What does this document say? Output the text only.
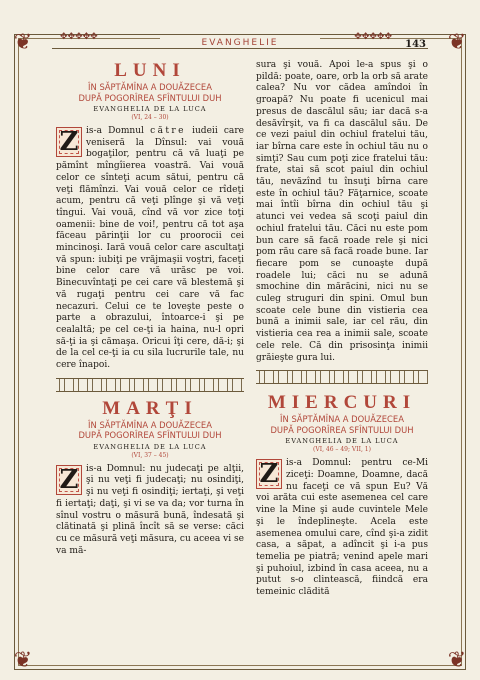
❦	❦
❦	❦
✥✥✥✥✥	✥✥✥✥✥
EVANGHELIE	143
LUNI

ÎN SĂPTĂMÎNA A DOUĂZECEA

DUPĂ POGORÎREA SFÎNTULUI DUH

EVANGHELIA DE LA LUCA

(VI, 24 – 30)

Z is-a Domnul către iudeii care veniseră la Dînsul: vai vouă bogaţilor, pentru că vă luaţi pe pămînt mîngîierea voastră. Vai vouă celor ce sînteţi acum sătui, pentru că veţi flămînzi. Vai vouă celor ce rîdeţi acum, pentru că veţi plînge şi vă veţi tîngui. Vai vouă, cînd vă vor zice toţi oamenii: bine de voi!, pentru că tot aşa făceau părinţii lor cu proorocii cei mincinoşi. Iară vouă celor care ascultaţi vă spun: iubiţi pe vrăjmaşii voştri, faceţi bine celor care vă urăsc pe voi. Binecuvîntaţi pe cei care vă blestemă şi vă rugaţi pentru cei care vă fac necazuri. Celui ce te loveşte peste o parte a obrazului, întoarce-i şi pe cealaltă; pe cel ce-ţi ia haina, nu-l opri să-ţi ia şi cămaşa. Oricui îţi cere, dă-i; şi de la cel ce-ţi ia cu sila lucrurile tale, nu cere înapoi.

MARŢI

ÎN SĂPTĂMÎNA A DOUĂZECEA

DUPĂ POGORÎREA SFÎNTULUI DUH

EVANGHELIA DE LA LUCA

(VI, 37 – 45)

Z is-a Domnul: nu judecaţi pe alţii, şi nu veţi fi judecaţi; nu osindiţi, şi nu veţi fi osindiţi; iertaţi, şi veţi fi iertaţi; daţi, şi vi se va da; vor turna în sînul vostru o măsură bună, îndesată şi clătinată şi plină încît să se verse: căci cu ce măsură veţi măsura, cu aceea vi se va mă-

sura şi vouă. Apoi le-a spus şi o pildă: poate, oare, orb la orb să arate calea? Nu vor cădea amîndoi în groapă? Nu poate fi ucenicul mai presus de dascălul său; iar dacă s-a desăvîrşit, va fi ca dascălul său. De ce vezi paiul din ochiul fratelui tău, iar bîrna care este în ochiul tău nu o simţi? Sau cum poţi zice fratelui tău: frate, stai să scot paiul din ochiul tău, nevăzînd tu însuţi bîrna care este în ochiul tău? Făţarnice, scoate mai întîi bîrna din ochiul tău şi atunci vei vedea să scoţi paiul din ochiul fratelui tău. Căci nu este pom bun care să facă roade rele şi nici pom rău care să facă roade bune. Iar fiecare pom se cunoaşte după roadele lui; căci nu se adună smochine din mărăcini, nici nu se culeg struguri din spini. Omul bun scoate cele bune din vistieria cea bună a inimii sale, iar cel rău, din vistieria cea rea a inimii sale, scoate cele rele. Că din prisosinţa inimii grăieşte gura lui.

MIERCURI

ÎN SĂPTĂMÎNA A DOUĂZECEA

DUPĂ POGORÎREA SFÎNTULUI DUH

EVANGHELIA DE LA LUCA

(VI, 46 – 49; VII, 1)

Z is-a Domnul: pentru ce-Mi ziceţi: Doamne, Doamne, dacă nu faceţi ce vă spun Eu? Vă voi arăta cui este asemenea cel care vine la Mine şi aude cuvintele Mele şi le îndeplineşte. Acela este asemenea omului care, cînd şi-a zidit casa, a săpat, a adîncit şi i-a pus temelia pe piatră; venind apele mari şi puhoiul, izbind în casa aceea, nu a putut s-o clintească, fiindcă era temeinic clădită
